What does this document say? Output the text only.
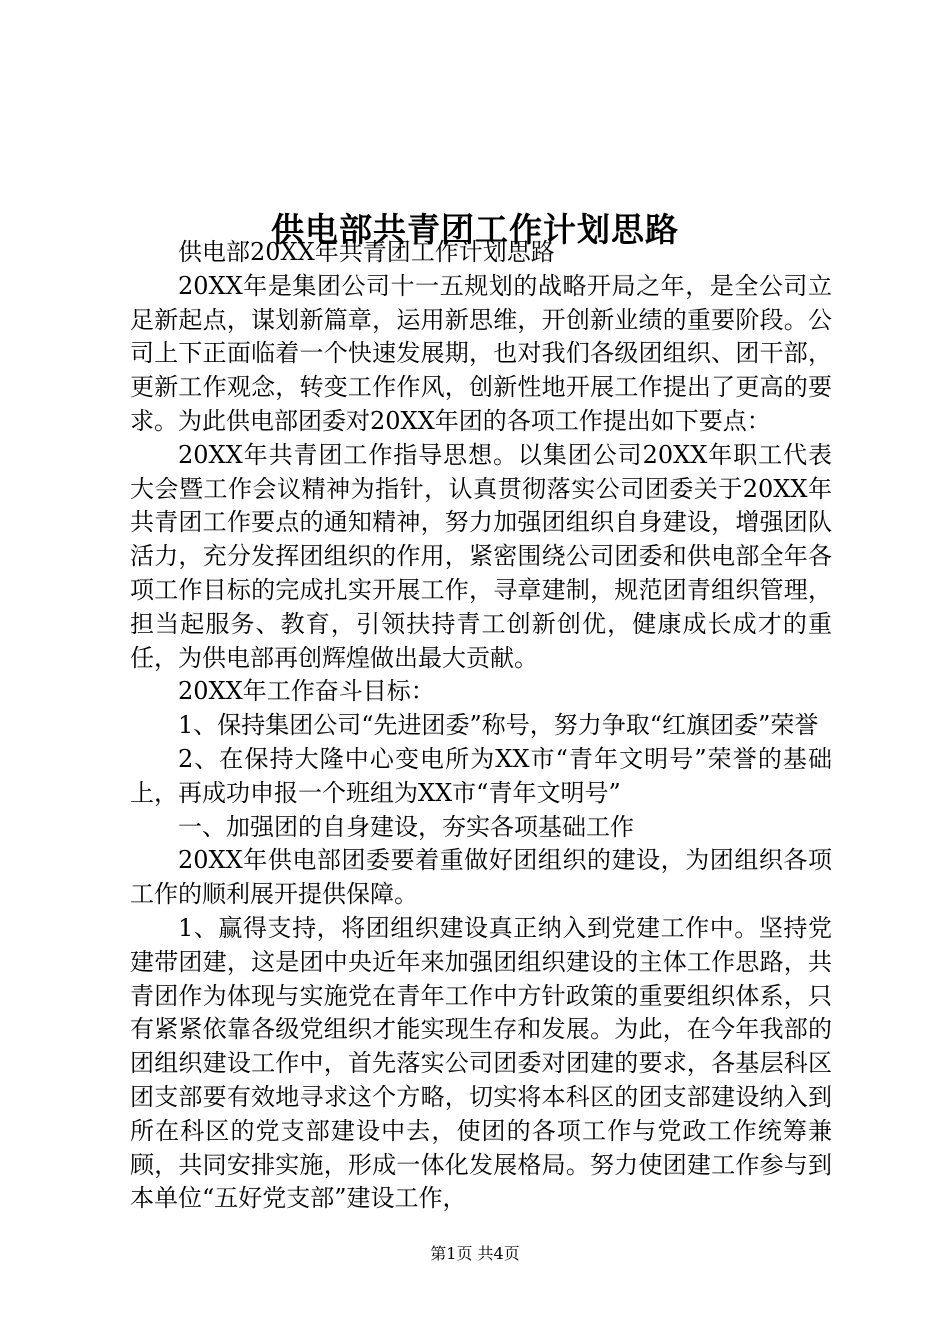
供电部共青团工作计划思路

供电部20XX年共青团工作计划思路

20XX年是集团公司十一五规划的战略开局之年，是全公司立足新起点，谋划新篇章，运用新思维，开创新业绩的重要阶段。公司上下正面临着一个快速发展期，也对我们各级团组织、团干部，更新工作观念，转变工作作风，创新性地开展工作提出了更高的要求。为此供电部团委对20XX年团的各项工作提出如下要点：

20XX年共青团工作指导思想。以集团公司20XX年职工代表大会暨工作会议精神为指针，认真贯彻落实公司团委关于20XX年共青团工作要点的通知精神，努力加强团组织自身建设，增强团队活力，充分发挥团组织的作用，紧密围绕公司团委和供电部全年各项工作目标的完成扎实开展工作，寻章建制，规范团青组织管理，担当起服务、教育，引领扶持青工创新创优，健康成长成才的重任，为供电部再创辉煌做出最大贡献。

20XX年工作奋斗目标：

1、保持集团公司“先进团委”称号，努力争取“红旗团委”荣誉

2、在保持大隆中心变电所为XX市“青年文明号”荣誉的基础上，再成功申报一个班组为XX市“青年文明号”

一、加强团的自身建设，夯实各项基础工作

20XX年供电部团委要着重做好团组织的建设，为团组织各项工作的顺利展开提供保障。

1、赢得支持，将团组织建设真正纳入到党建工作中。坚持党建带团建，这是团中央近年来加强团组织建设的主体工作思路，共青团作为体现与实施党在青年工作中方针政策的重要组织体系，只有紧紧依靠各级党组织才能实现生存和发展。为此，在今年我部的团组织建设工作中，首先落实公司团委对团建的要求，各基层科区团支部要有效地寻求这个方略，切实将本科区的团支部建设纳入到所在科区的党支部建设中去，使团的各项工作与党政工作统筹兼顾，共同安排实施，形成一体化发展格局。努力使团建工作参与到本单位“五好党支部”建设工作，

第1页 共4页
